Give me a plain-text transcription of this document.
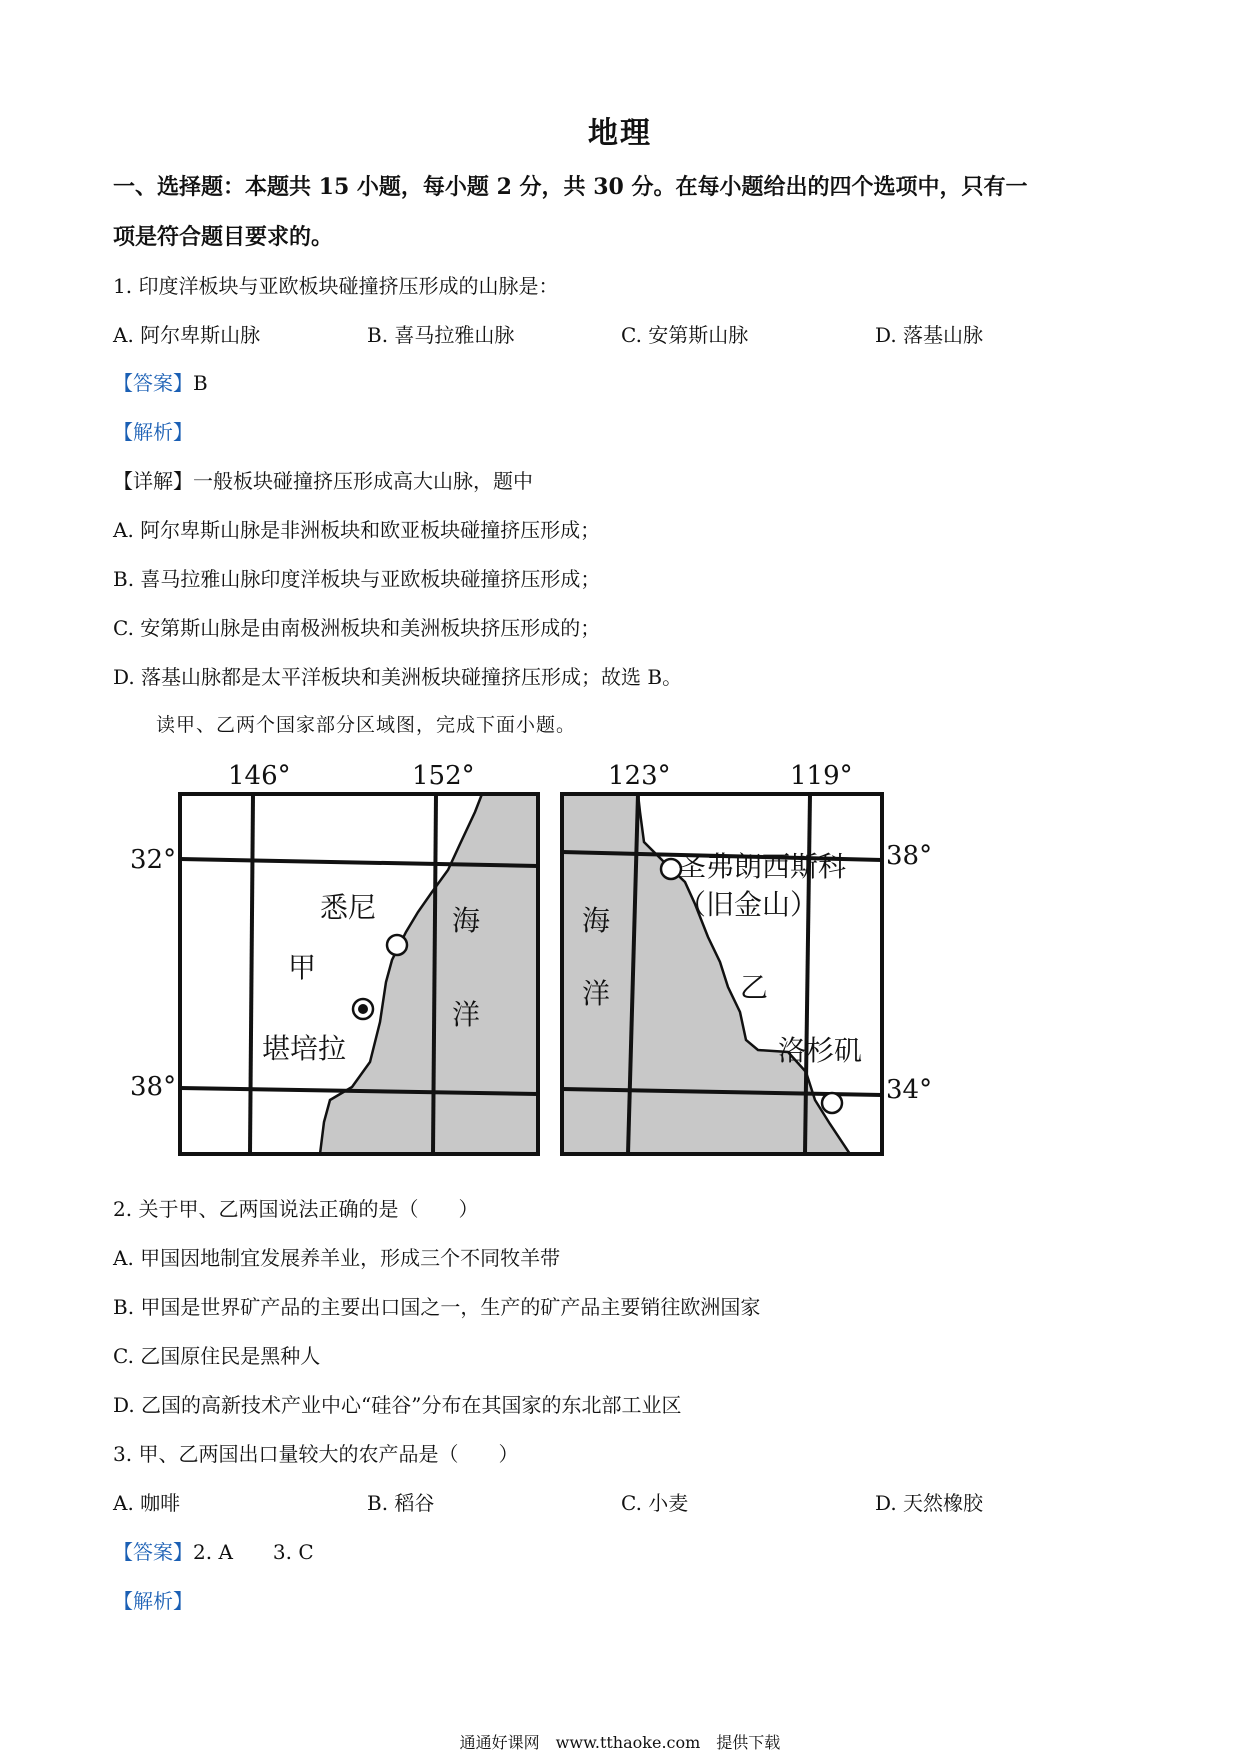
地理
一、选择题：本题共 15 小题，每小题 2 分，共 30 分。在每小题给出的四个选项中，只有一
项是符合题目要求的。
1. 印度洋板块与亚欧板块碰撞挤压形成的山脉是：
A. 阿尔卑斯山脉	B. 喜马拉雅山脉	C. 安第斯山脉	D. 落基山脉
【答案】B
【解析】
【详解】一般板块碰撞挤压形成高大山脉，题中
A. 阿尔卑斯山脉是非洲板块和欧亚板块碰撞挤压形成；
B. 喜马拉雅山脉印度洋板块与亚欧板块碰撞挤压形成；
C. 安第斯山脉是由南极洲板块和美洲板块挤压形成的；
D. 落基山脉都是太平洋板块和美洲板块碰撞挤压形成；故选 B。
读甲、乙两个国家部分区域图，完成下面小题。
146°	152°
32°
38°
悉尼
甲
堪培拉
海
洋
123°	119°
38°
34°
圣弗朗西斯科
（旧金山）
乙
洛杉矶
海
洋
2. 关于甲、乙两国说法正确的是（　　）
A. 甲国因地制宜发展养羊业，形成三个不同牧羊带
B. 甲国是世界矿产品的主要出口国之一，生产的矿产品主要销往欧洲国家
C. 乙国原住民是黑种人
D. 乙国的高新技术产业中心“硅谷”分布在其国家的东北部工业区
3. 甲、乙两国出口量较大的农产品是（　　）
A. 咖啡	B. 稻谷	C. 小麦	D. 天然橡胶
【答案】2. A　　3. C
【解析】
通通好课网　www.tthaoke.com　提供下载
